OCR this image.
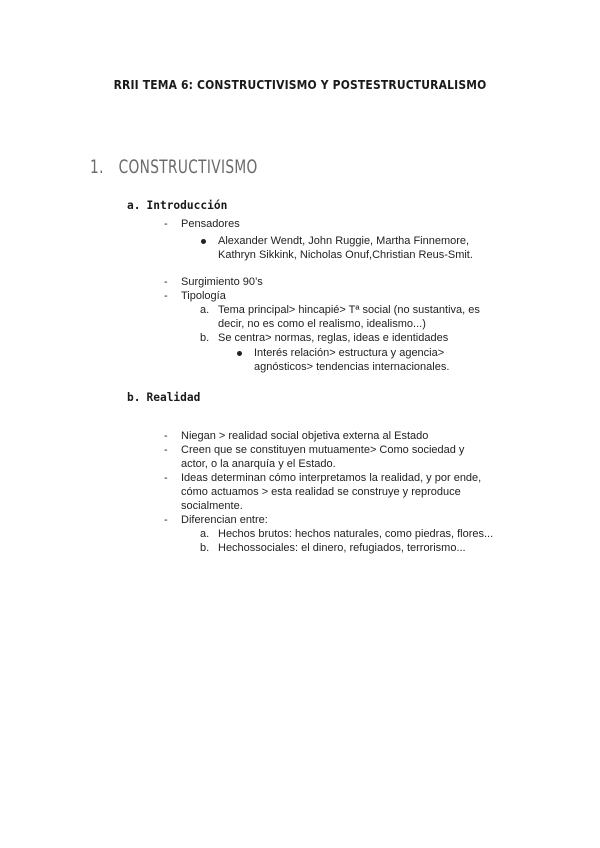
RRII TEMA 6: CONSTRUCTIVISMO Y POSTESTRUCTURALISMO
1. CONSTRUCTIVISMO
a. Introducción
- Pensadores
Alexander Wendt, John Ruggie, Martha Finnemore,
Kathryn Sikkink, Nicholas Onuf,Christian Reus-Smit.
- Surgimiento 90’s
- Tipología
a. Tema principal> hincapié> Tª social (no sustantiva, es
decir, no es como el realismo, idealismo...)
b. Se centra> normas, reglas, ideas e identidades
Interés relación> estructura y agencia>
agnósticos> tendencias internacionales.
b. Realidad
- Niegan > realidad social objetiva externa al Estado
- Creen que se constituyen mutuamente> Como sociedad y
actor, o la anarquía y el Estado.
- Ideas determinan cómo interpretamos la realidad, y por ende,
cómo actuamos > esta realidad se construye y reproduce
socialmente.
- Diferencian entre:
a. Hechos brutos: hechos naturales, como piedras, flores...
b. Hechossociales: el dinero, refugiados, terrorismo...
